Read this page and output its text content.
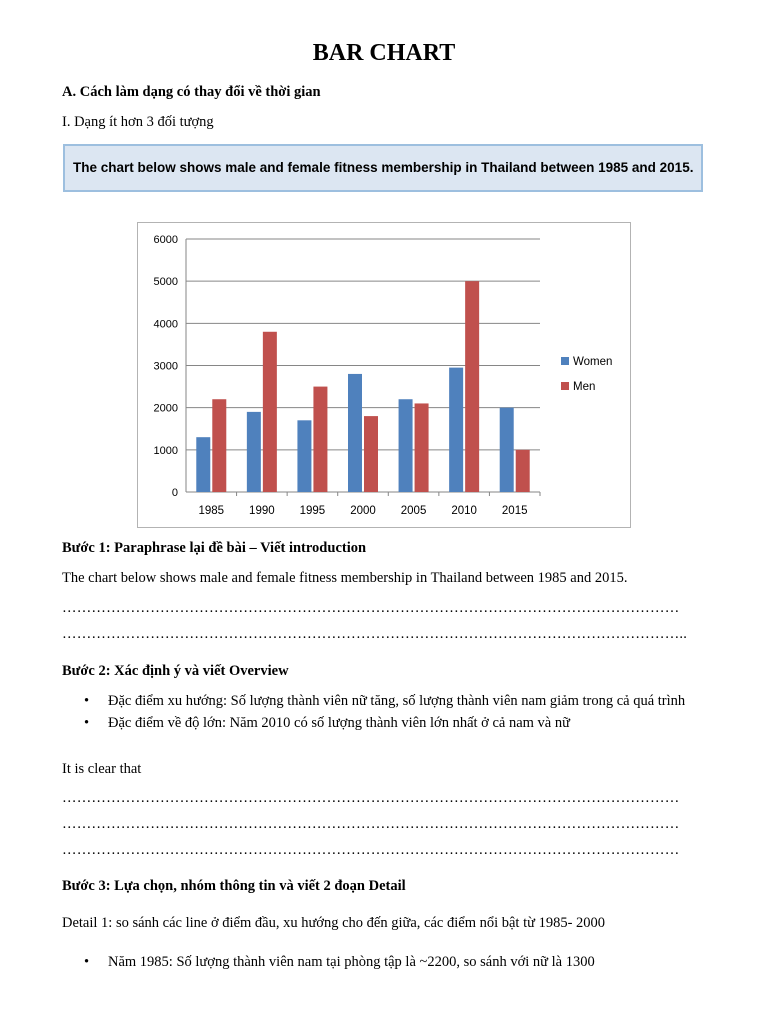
BAR CHART
A. Cách làm dạng có thay đổi về thời gian
I. Dạng ít hơn 3 đối tượng
The chart below shows male and female fitness membership in Thailand between 1985 and 2015.
0
1000
2000
3000
4000
5000
6000
1985 1990 1995 2000 2005 2010 2015
Women
Men
Bước 1: Paraphrase lại đề bài – Viết introduction
The chart below shows male and female fitness membership in Thailand between 1985 and 2015.
………………………………………………………………………………………………………………
………………………………………………………………………………………………………………..
Bước 2: Xác định ý và viết Overview
• Đặc điểm xu hướng: Số lượng thành viên nữ tăng, số lượng thành viên nam giảm trong cả quá trình
• Đặc điểm về độ lớn: Năm 2010 có số lượng thành viên lớn nhất ở cả nam và nữ
It is clear that
………………………………………………………………………………………………………………
………………………………………………………………………………………………………………
………………………………………………………………………………………………………………
Bước 3: Lựa chọn, nhóm thông tin và viết 2 đoạn Detail
Detail 1: so sánh các line ở điểm đầu, xu hướng cho đến giữa, các điểm nổi bật từ 1985- 2000
• Năm 1985: Số lượng thành viên nam tại phòng tập là ~2200, so sánh với nữ là 1300
